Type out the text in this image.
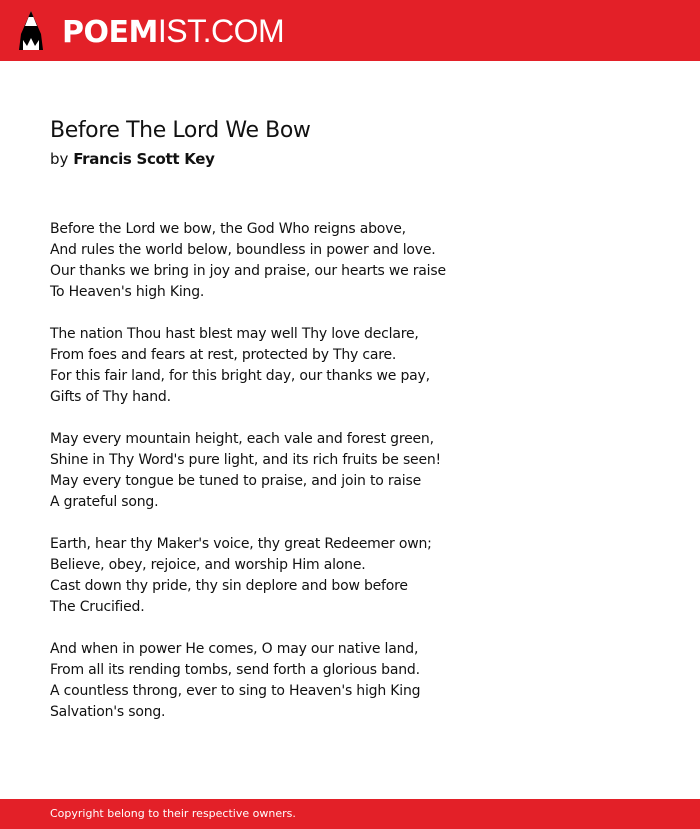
POEMIST.COM
Before The Lord We Bow
by Francis Scott Key
Before the Lord we bow, the God Who reigns above,
And rules the world below, boundless in power and love.
Our thanks we bring in joy and praise, our hearts we raise
To Heaven's high King.
The nation Thou hast blest may well Thy love declare,
From foes and fears at rest, protected by Thy care.
For this fair land, for this bright day, our thanks we pay,
Gifts of Thy hand.
May every mountain height, each vale and forest green,
Shine in Thy Word's pure light, and its rich fruits be seen!
May every tongue be tuned to praise, and join to raise
A grateful song.
Earth, hear thy Maker's voice, thy great Redeemer own;
Believe, obey, rejoice, and worship Him alone.
Cast down thy pride, thy sin deplore and bow before
The Crucified.
And when in power He comes, O may our native land,
From all its rending tombs, send forth a glorious band.
A countless throng, ever to sing to Heaven's high King
Salvation's song.
Copyright belong to their respective owners.
